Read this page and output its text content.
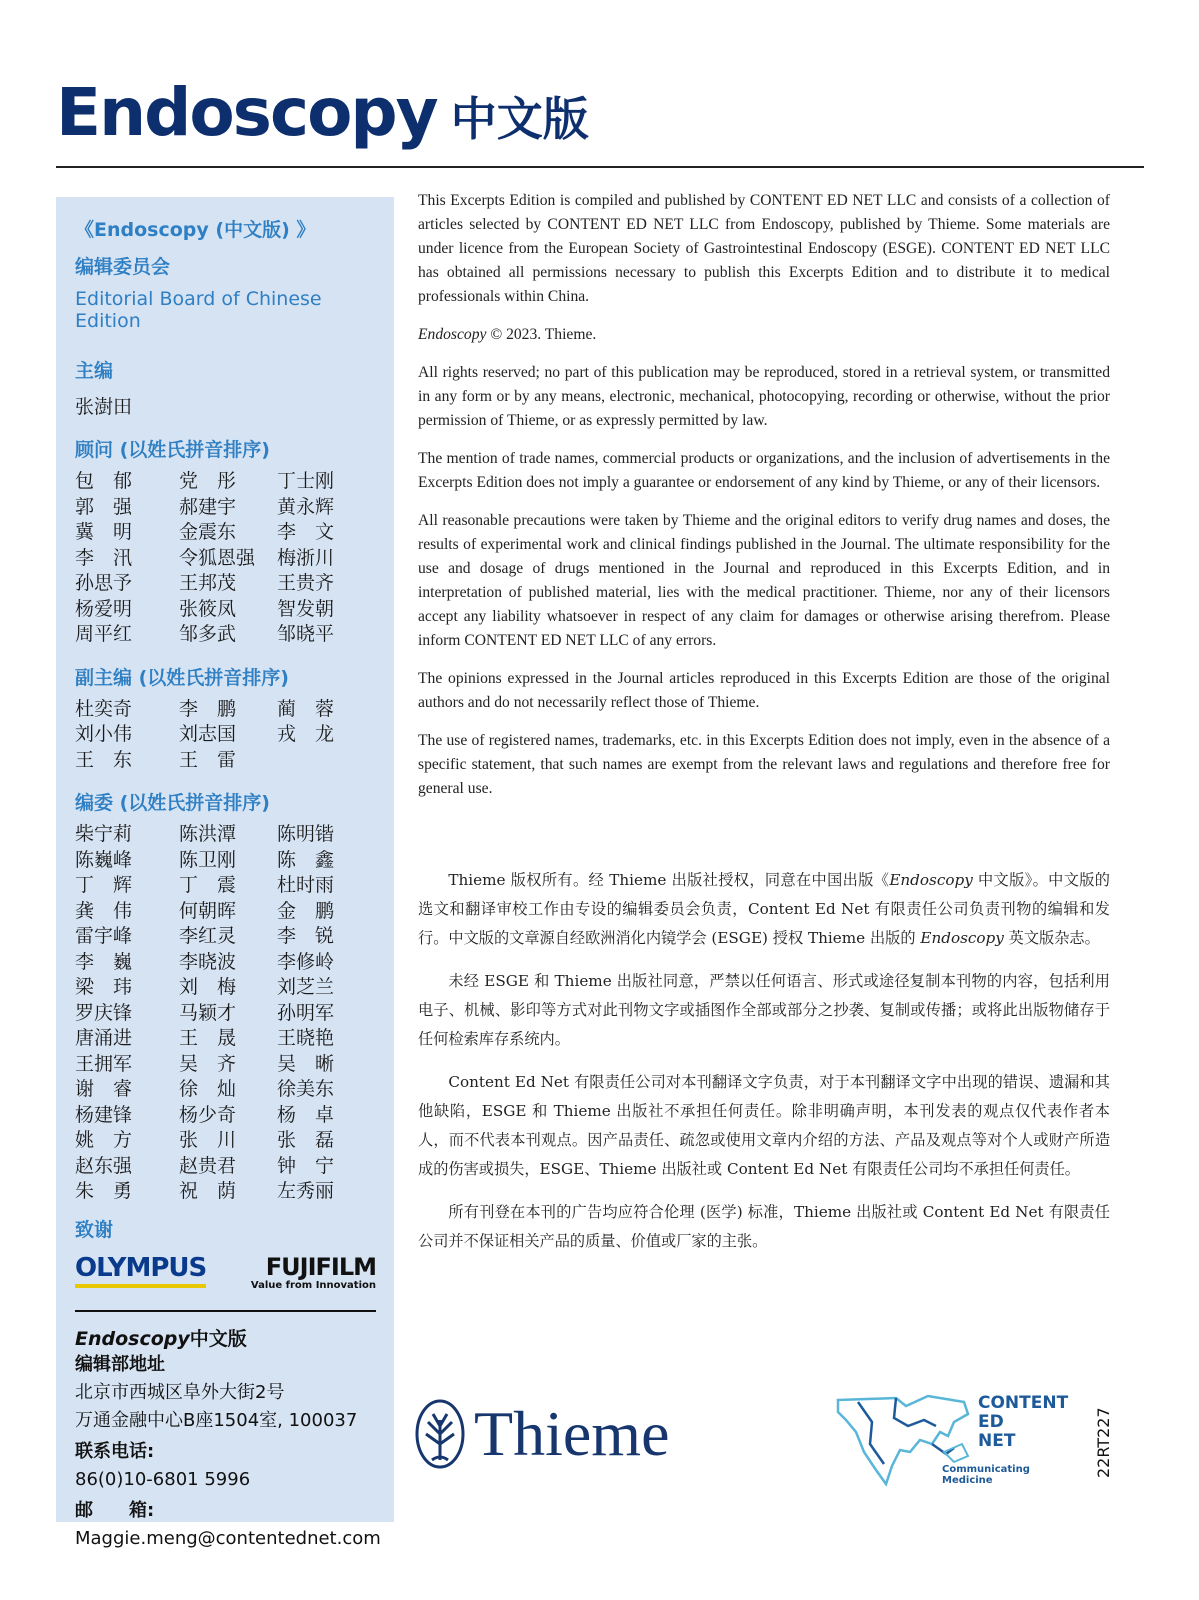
Endoscopy 中文版
《Endoscopy (中文版) 》
编辑委员会
Editorial Board of Chinese Edition
主编
张澍田
顾问 (以姓氏拼音排序)
包　郁	党　彤	丁士刚
郭　强	郝建宇	黄永辉
冀　明	金震东	李　文
李　汛	令狐恩强	梅浙川
孙思予	王邦茂	王贵齐
杨爱明	张筱凤	智发朝
周平红	邹多武	邹晓平
副主编 (以姓氏拼音排序)
杜奕奇	李　鹏	蔺　蓉
刘小伟	刘志国	戎　龙
王　东	王　雷
编委 (以姓氏拼音排序)
柴宁莉	陈洪潭	陈明锴
陈巍峰	陈卫刚	陈　鑫
丁　辉	丁　震	杜时雨
龚　伟	何朝晖	金　鹏
雷宇峰	李红灵	李　锐
李　巍	李晓波	李修岭
梁　玮	刘　梅	刘芝兰
罗庆锋	马颖才	孙明军
唐涌进	王　晟	王晓艳
王拥军	吴　齐	吴　晰
谢　睿	徐　灿	徐美东
杨建锋	杨少奇	杨　卓
姚　方	张　川	张　磊
赵东强	赵贵君	钟　宁
朱　勇	祝　荫	左秀丽
致谢
OLYMPUS FUJIFILM
Value from Innovation
Endoscopy中文版
编辑部地址
北京市西城区阜外大街2号
万通金融中心B座1504室, 100037
联系电话:
86(0)10-6801 5996
邮　　箱:
Maggie.meng@contentednet.com

This Excerpts Edition is compiled and published by CONTENT ED NET LLC and consists of a collection of articles selected by CONTENT ED NET LLC from Endoscopy, published by Thieme. Some materials are under licence from the European Society of Gastrointestinal Endoscopy (ESGE). CONTENT ED NET LLC has obtained all permissions necessary to publish this Excerpts Edition and to distribute it to medical professionals within China.

Endoscopy © 2023. Thieme.

All rights reserved; no part of this publication may be reproduced, stored in a retrieval system, or transmitted in any form or by any means, electronic, mechanical, photocopying, recording or otherwise, without the prior permission of Thieme, or as expressly permitted by law.

The mention of trade names, commercial products or organizations, and the inclusion of advertisements in the Excerpts Edition does not imply a guarantee or endorsement of any kind by Thieme, or any of their licensors.

All reasonable precautions were taken by Thieme and the original editors to verify drug names and doses, the results of experimental work and clinical findings published in the Journal. The ultimate responsibility for the use and dosage of drugs mentioned in the Journal and reproduced in this Excerpts Edition, and in interpretation of published material, lies with the medical practitioner. Thieme, nor any of their licensors accept any liability whatsoever in respect of any claim for damages or otherwise arising therefrom. Please inform CONTENT ED NET LLC of any errors.

The opinions expressed in the Journal articles reproduced in this Excerpts Edition are those of the original authors and do not necessarily reflect those of Thieme.

The use of registered names, trademarks, etc. in this Excerpts Edition does not imply, even in the absence of a specific statement, that such names are exempt from the relevant laws and regulations and therefore free for general use.

Thieme 版权所有。经 Thieme 出版社授权，同意在中国出版《Endoscopy 中文版》。中文版的选文和翻译审校工作由专设的编辑委员会负责，Content Ed Net 有限责任公司负责刊物的编辑和发行。中文版的文章源自经欧洲消化内镜学会 (ESGE) 授权 Thieme 出版的 Endoscopy 英文版杂志。

未经 ESGE 和 Thieme 出版社同意，严禁以任何语言、形式或途径复制本刊物的内容，包括利用电子、机械、影印等方式对此刊物文字或插图作全部或部分之抄袭、复制或传播；或将此出版物储存于任何检索库存系统内。

Content Ed Net 有限责任公司对本刊翻译文字负责，对于本刊翻译文字中出现的错误、遗漏和其他缺陷，ESGE 和 Thieme 出版社不承担任何责任。除非明确声明，本刊发表的观点仅代表作者本人，而不代表本刊观点。因产品责任、疏忽或使用文章内介绍的方法、产品及观点等对个人或财产所造成的伤害或损失，ESGE、Thieme 出版社或 Content Ed Net 有限责任公司均不承担任何责任。

所有刊登在本刊的广告均应符合伦理 (医学) 标准，Thieme 出版社或 Content Ed Net 有限责任公司并不保证相关产品的质量、价值或厂家的主张。

Thieme	CONTENT
ED
NET
Communicating Medicine
22RT227
